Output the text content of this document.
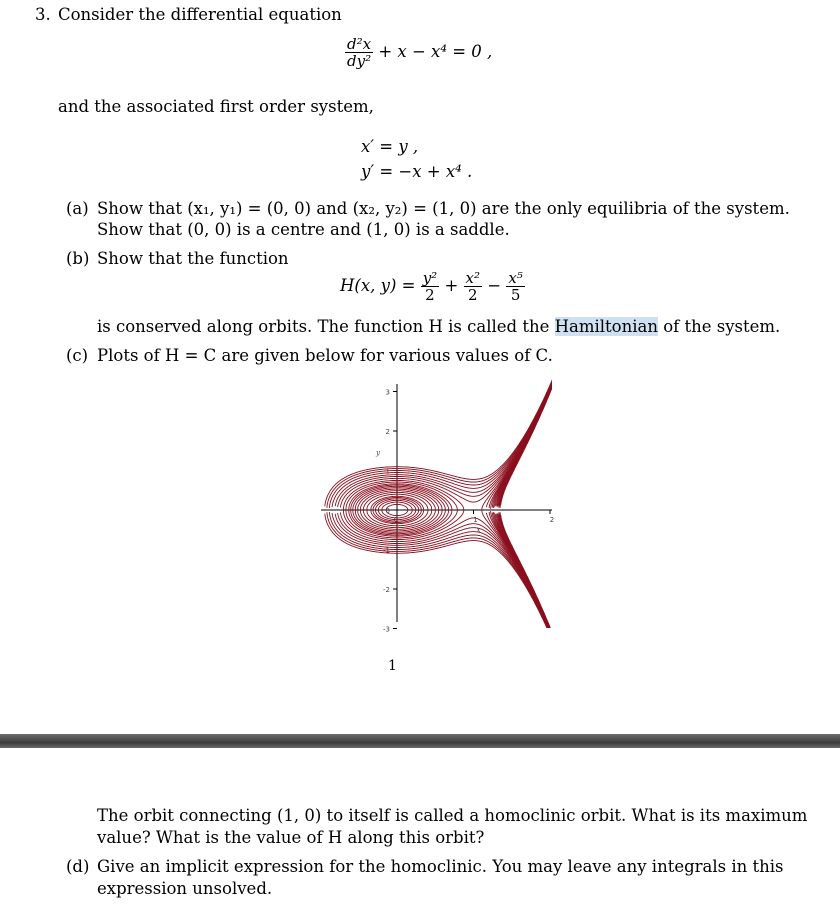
3. Consider the differential equation
$\frac{\text{d²x}}{\text{dy²}} + x - x^4 = 0$ ,
and the associated first order system,
x′ = y ,
y′ = −x + x⁴ .
(a) Show that (x₁, y₁) = (0, 0) and (x₂, y₂) = (1, 0) are the only equilibria of the system.
Show that (0, 0) is a centre and (1, 0) is a saddle.
(b) Show that the function
H(x, $y) = \frac{\text{y²}}{2} + \frac{\text{x²}}{2} - \frac{\text{x⁵}}{5}$
is conserved along orbits. The function H is called the Hamiltonian of the system.
(c) Plots of H = C are given below for various values of C.
3
2
1
0
-1
-2
-3
0	1	2
x
y
1
The orbit connecting (1, 0) to itself is called a homoclinic orbit. What is its maximum
value? What is the value of H along this orbit?
(d) Give an implicit expression for the homoclinic. You may leave any integrals in this
expression unsolved.
